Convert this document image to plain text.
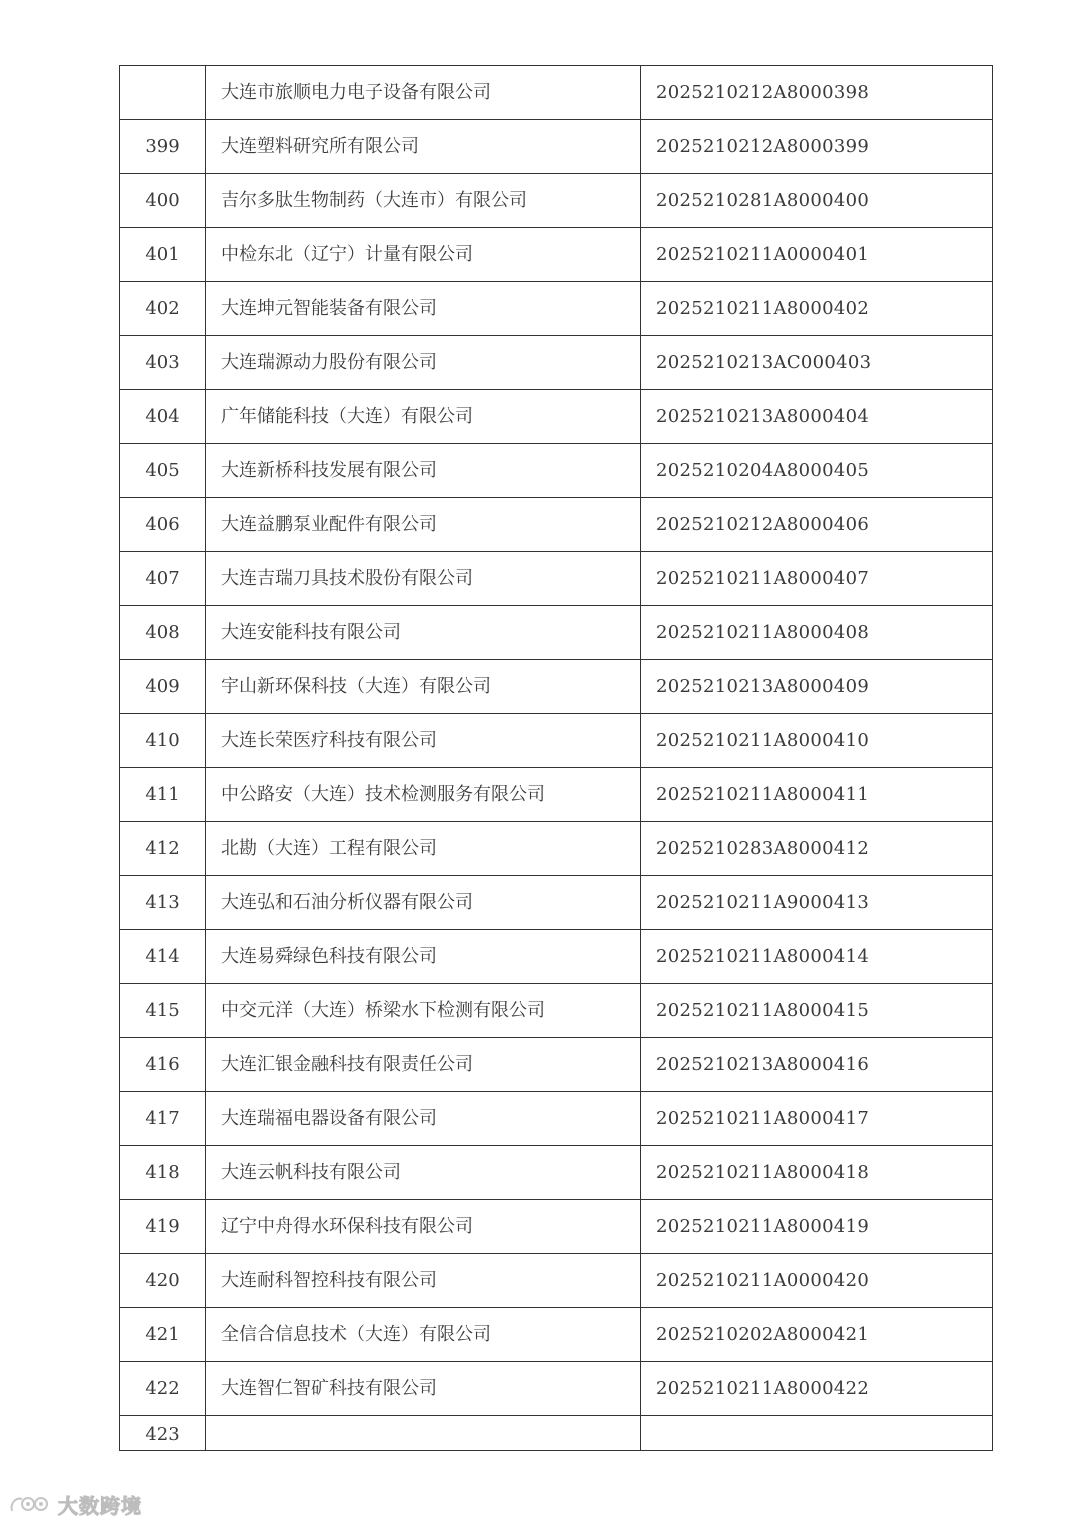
	大连市旅顺电力电子设备有限公司	2025210212A8000398
399	大连塑料研究所有限公司	2025210212A8000399
400	吉尔多肽生物制药（大连市）有限公司	2025210281A8000400
401	中检东北（辽宁）计量有限公司	2025210211A0000401
402	大连坤元智能装备有限公司	2025210211A8000402
403	大连瑞源动力股份有限公司	2025210213AC000403
404	广年储能科技（大连）有限公司	2025210213A8000404
405	大连新桥科技发展有限公司	2025210204A8000405
406	大连益鹏泵业配件有限公司	2025210212A8000406
407	大连吉瑞刀具技术股份有限公司	2025210211A8000407
408	大连安能科技有限公司	2025210211A8000408
409	宇山新环保科技（大连）有限公司	2025210213A8000409
410	大连长荣医疗科技有限公司	2025210211A8000410
411	中公路安（大连）技术检测服务有限公司	2025210211A8000411
412	北勘（大连）工程有限公司	2025210283A8000412
413	大连弘和石油分析仪器有限公司	2025210211A9000413
414	大连易舜绿色科技有限公司	2025210211A8000414
415	中交元洋（大连）桥梁水下检测有限公司	2025210211A8000415
416	大连汇银金融科技有限责任公司	2025210213A8000416
417	大连瑞福电器设备有限公司	2025210211A8000417
418	大连云帆科技有限公司	2025210211A8000418
419	辽宁中舟得水环保科技有限公司	2025210211A8000419
420	大连耐科智控科技有限公司	2025210211A0000420
421	全信合信息技术（大连）有限公司	2025210202A8000421
422	大连智仁智矿科技有限公司	2025210211A8000422

423		

大数跨境
